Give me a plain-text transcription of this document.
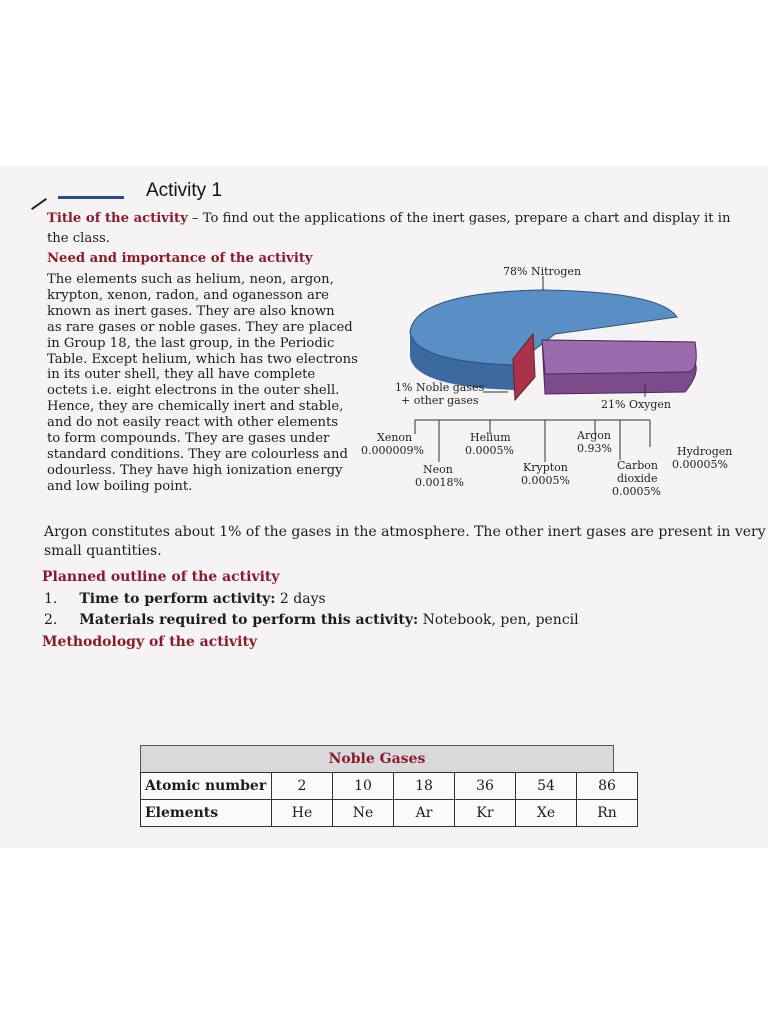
Activity 1
Title of the activity – To find out the applications of the inert gases, prepare a chart and display it in
the class.
Need and importance of the activity
The elements such as helium, neon, argon,
krypton, xenon, radon, and oganesson are
known as inert gases. They are also known
as rare gases or noble gases. They are placed
in Group 18, the last group, in the Periodic
Table. Except helium, which has two electrons
in its outer shell, they all have complete
octets i.e. eight electrons in the outer shell.
Hence, they are chemically inert and stable,
and do not easily react with other elements
to form compounds. They are gases under
standard conditions. They are colourless and
odourless. They have high ionization energy
and low boiling point.
78% Nitrogen
1% Noble gases
+ other gases	21% Oxygen
Xenon
0.000009%
Neon
0.0018%
Helium
0.0005%
Krypton
0.0005%
Argon
0.93%
Carbon
dioxide
0.0005%
Hydrogen
0.00005%
Argon constitutes about 1% of the gases in the atmosphere. The other inert gases are present in very
small quantities.
Planned outline of the activity
1. Time to perform activity: 2 days
2. Materials required to perform this activity: Notebook, pen, pencil
Methodology of the activity
Noble Gases
Atomic number	2	10	18	36	54	86
Elements	He	Ne	Ar	Kr	Xe	Rn
